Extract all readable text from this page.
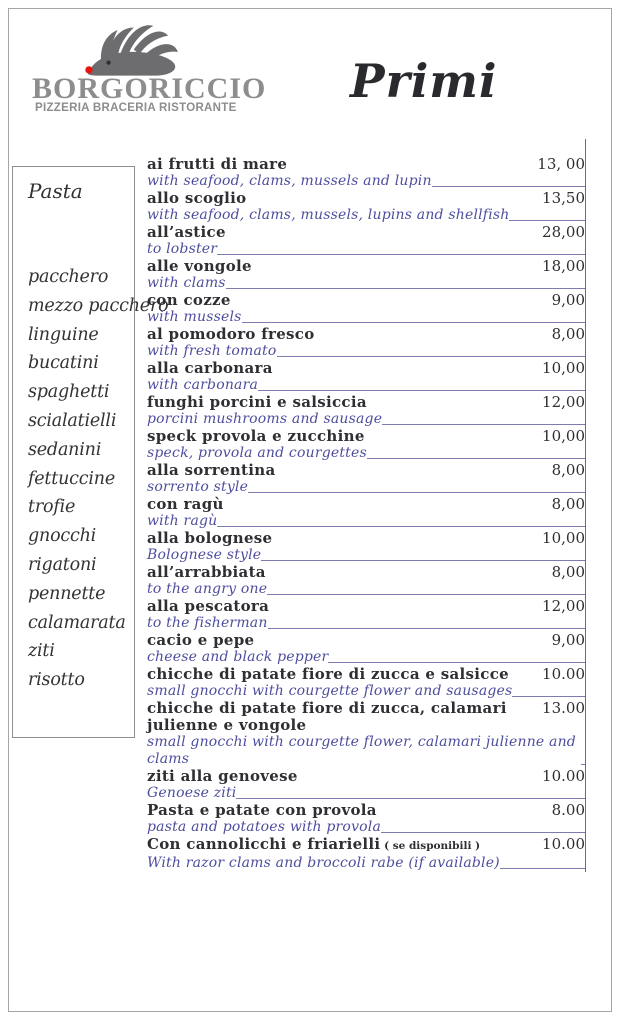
BORGORICCIO
PIZZERIA BRACERIA RISTORANTE Primi
Pasta
pacchero
mezzo pacchero
linguine
bucatini
spaghetti
scialatielli
sedanini
fettuccine
trofie
gnocchi
rigatoni
pennette
calamarata
ziti
risotto
ai frutti di mare	13, 00
with seafood, clams, mussels and lupin
allo scoglio	13,50
with seafood, clams, mussels, lupins and shellfish
all’astice	28,00
to lobster
alle vongole	18,00
with clams
con cozze	9,00
with mussels
al pomodoro fresco	8,00
with fresh tomato
alla carbonara	10,00
with carbonara
funghi porcini e salsiccia	12,00
porcini mushrooms and sausage
speck provola e zucchine	10,00
speck, provola and courgettes
alla sorrentina	8,00
sorrento style
con ragù	8,00
with ragù
alla bolognese	10,00
Bolognese style
all’arrabbiata	8,00
to the angry one
alla pescatora	12,00
to the fisherman
cacio e pepe	9,00
cheese and black pepper
chicche di patate fiore di zucca e salsicce	10.00
small gnocchi with courgette flower and sausages
chicche di patate fiore di zucca, calamari julienne e vongole
13.00
small gnocchi with courgette flower, calamari julienne and clams
ziti alla genovese	10.00
Genoese ziti
Pasta e patate con provola	8.00
pasta and potatoes with provola
Con cannolicchi e friarielli ( se disponibili )	10.00
With razor clams and broccoli rabe (if available)
